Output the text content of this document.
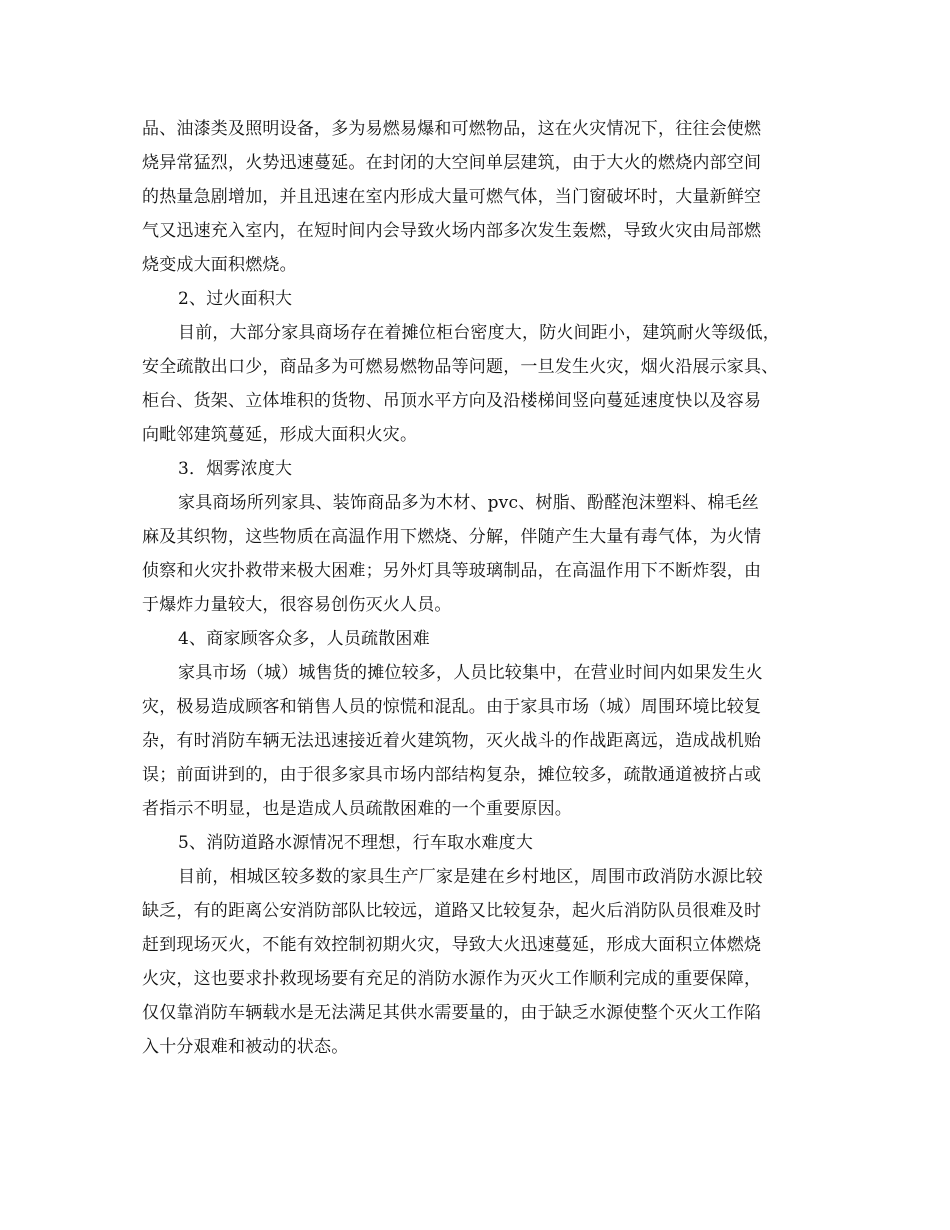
品、油漆类及照明设备，多为易燃易爆和可燃物品，这在火灾情况下，往往会使燃
烧异常猛烈，火势迅速蔓延。在封闭的大空间单层建筑，由于大火的燃烧内部空间
的热量急剧增加，并且迅速在室内形成大量可燃气体，当门窗破坏时，大量新鲜空
气又迅速充入室内，在短时间内会导致火场内部多次发生轰燃，导致火灾由局部燃
烧变成大面积燃烧。
2、过火面积大
目前，大部分家具商场存在着摊位柜台密度大，防火间距小，建筑耐火等级低，
安全疏散出口少，商品多为可燃易燃物品等问题，一旦发生火灾，烟火沿展示家具、
柜台、货架、立体堆积的货物、吊顶水平方向及沿楼梯间竖向蔓延速度快以及容易
向毗邻建筑蔓延，形成大面积火灾。
3．烟雾浓度大
家具商场所列家具、装饰商品多为木材、pvc、树脂、酚醛泡沫塑料、棉毛丝
麻及其织物，这些物质在高温作用下燃烧、分解，伴随产生大量有毒气体，为火情
侦察和火灾扑救带来极大困难；另外灯具等玻璃制品，在高温作用下不断炸裂，由
于爆炸力量较大，很容易创伤灭火人员。
4、商家顾客众多，人员疏散困难
家具市场（城）城售货的摊位较多，人员比较集中，在营业时间内如果发生火
灾，极易造成顾客和销售人员的惊慌和混乱。由于家具市场（城）周围环境比较复
杂，有时消防车辆无法迅速接近着火建筑物，灭火战斗的作战距离远，造成战机贻
误；前面讲到的，由于很多家具市场内部结构复杂，摊位较多，疏散通道被挤占或
者指示不明显，也是造成人员疏散困难的一个重要原因。
5、消防道路水源情况不理想，行车取水难度大
目前，相城区较多数的家具生产厂家是建在乡村地区，周围市政消防水源比较
缺乏，有的距离公安消防部队比较远，道路又比较复杂，起火后消防队员很难及时
赶到现场灭火，不能有效控制初期火灾，导致大火迅速蔓延，形成大面积立体燃烧
火灾，这也要求扑救现场要有充足的消防水源作为灭火工作顺利完成的重要保障，
仅仅靠消防车辆载水是无法满足其供水需要量的，由于缺乏水源使整个灭火工作陷
入十分艰难和被动的状态。
